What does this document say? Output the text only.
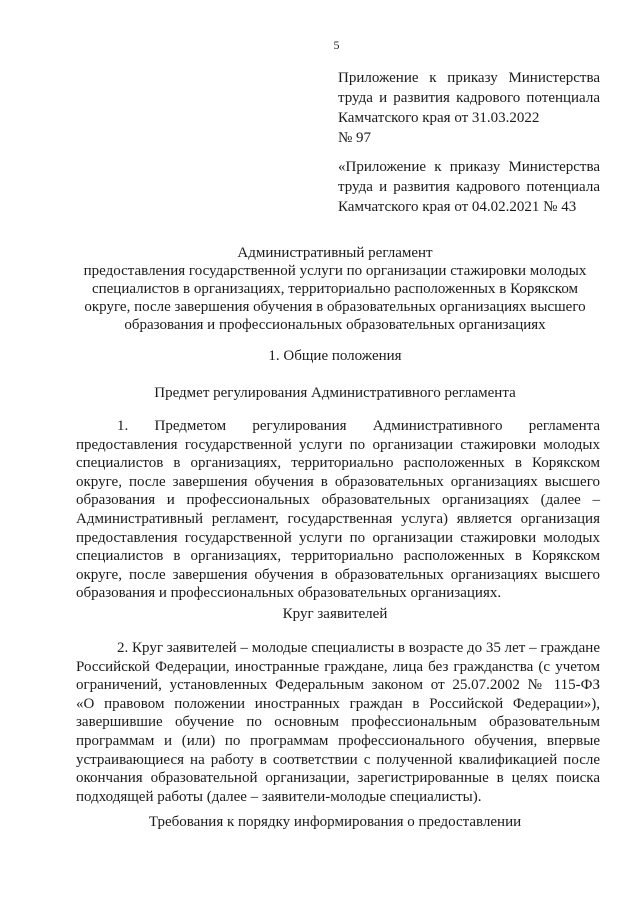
5
Приложение к приказу Министерства
труда и развития кадрового потенциала
Камчатского края от 31.03.2022
№ 97
«Приложение к приказу Министерства
труда и развития кадрового потенциала
Камчатского края от 04.02.2021 № 43
Административный регламент
предоставления государственной услуги по организации стажировки молодых
специалистов в организациях, территориально расположенных в Корякском
округе, после завершения обучения в образовательных организациях высшего
образования и профессиональных образовательных организациях
1. Общие положения
Предмет регулирования Административного регламента
1. Предметом регулирования Административного регламента
предоставления государственной услуги по организации стажировки молодых
специалистов в организациях, территориально расположенных в Корякском
округе, после завершения обучения в образовательных организациях высшего
образования и профессиональных образовательных организациях (далее –
Административный регламент, государственная услуга) является организация
предоставления государственной услуги по организации стажировки молодых
специалистов в организациях, территориально расположенных в Корякском
округе, после завершения обучения в образовательных организациях высшего
образования и профессиональных образовательных организациях.
Круг заявителей
2. Круг заявителей – молодые специалисты в возрасте до 35 лет – граждане
Российской Федерации, иностранные граждане, лица без гражданства (с учетом
ограничений, установленных Федеральным законом от 25.07.2002 № 115-ФЗ
«О правовом положении иностранных граждан в Российской Федерации»),
завершившие обучение по основным профессиональным образовательным
программам и (или) по программам профессионального обучения, впервые
устраивающиеся на работу в соответствии с полученной квалификацией после
окончания образовательной организации, зарегистрированные в целях поиска
подходящей работы (далее – заявители-молодые специалисты).
Требования к порядку информирования о предоставлении
